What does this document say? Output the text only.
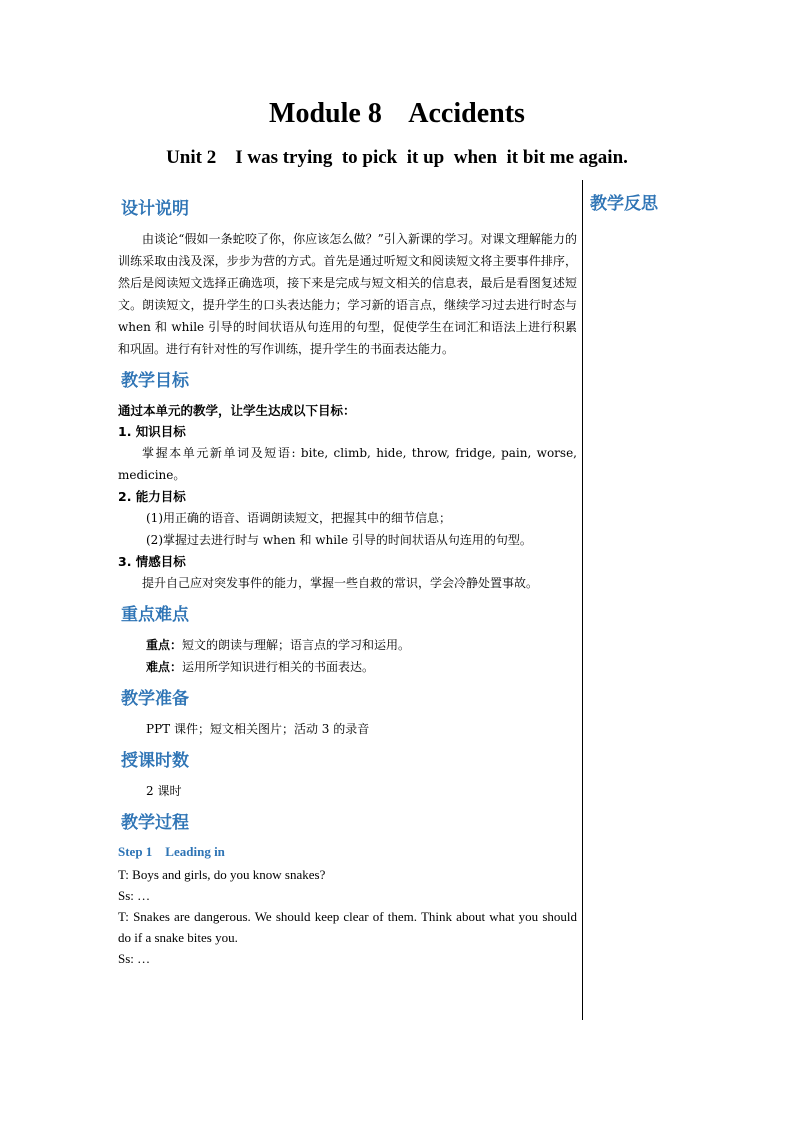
Module 8    Accidents
Unit 2    I was trying  to pick  it up  when  it bit me again.
教学反思
设计说明

由谈论“假如一条蛇咬了你，你应该怎么做？”引入新课的学习。对课文理解能力的训练采取由浅及深，步步为营的方式。首先是通过听短文和阅读短文将主要事件排序，然后是阅读短文选择正确选项，接下来是完成与短文相关的信息表，最后是看图复述短文。朗读短文，提升学生的口头表达能力；学习新的语言点，继续学习过去进行时态与 when 和 while 引导的时间状语从句连用的句型，促使学生在词汇和语法上进行积累和巩固。进行有针对性的写作训练，提升学生的书面表达能力。

教学目标

通过本单元的教学，让学生达成以下目标：

1. 知识目标

掌握本单元新单词及短语: bite, climb, hide, throw, fridge, pain, worse, medicine。

2. 能力目标

(1)用正确的语音、语调朗读短文，把握其中的细节信息；

(2)掌握过去进行时与 when 和 while 引导的时间状语从句连用的句型。

3. 情感目标

提升自己应对突发事件的能力，掌握一些自救的常识，学会冷静处置事故。

重点难点

重点：短文的朗读与理解；语言点的学习和运用。

难点：运用所学知识进行相关的书面表达。

教学准备

PPT 课件；短文相关图片；活动 3 的录音

授课时数

2 课时

教学过程
Step 1    Leading in

T: Boys and girls, do you know snakes?

Ss: …

T: Snakes are dangerous. We should keep clear of them. Think about what you should do if a snake bites you.

Ss: …
